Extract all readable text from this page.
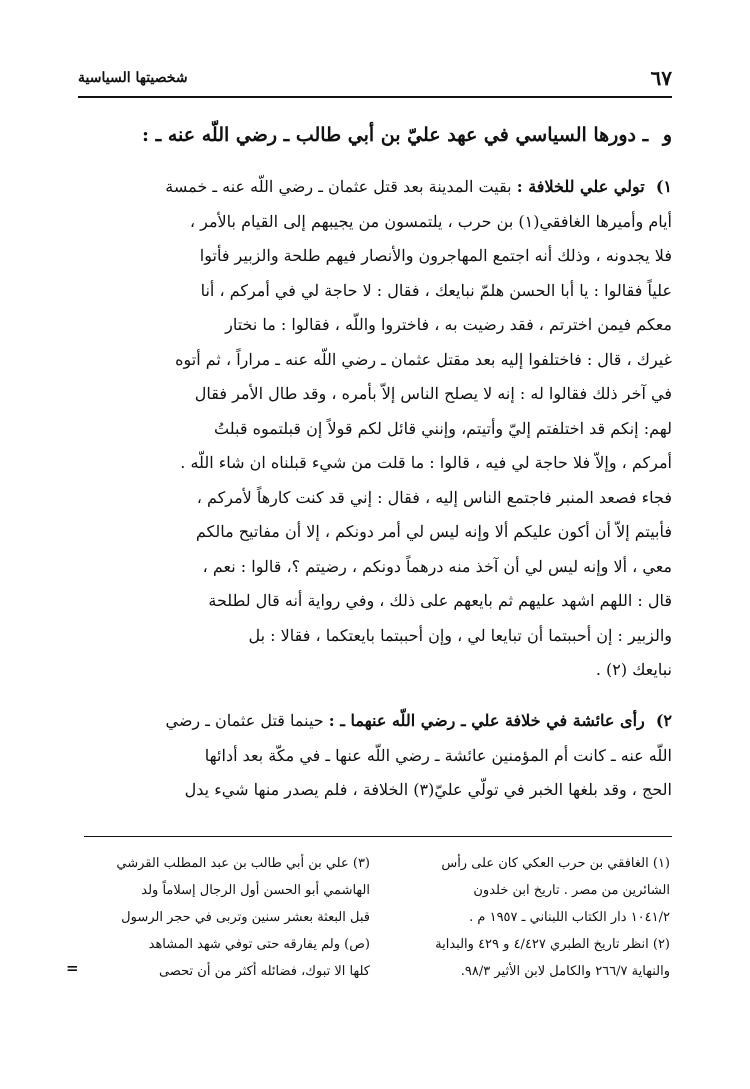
٦٧
شخصيتها السياسية
و ـ دورها السياسي في عهد عليّ بن أبي طالب ـ رضي اللّه عنه ـ :
١) تولي علي للخلافة : بقيت المدينة بعد قتل عثمان ـ رضي اللّه عنه ـ خمسة
أيام وأميرها الغافقي(١) بن حرب ، يلتمسون من يجيبهم إلى القيام بالأمر ،
فلا يجدونه ، وذلك أنه اجتمع المهاجرون والأنصار فيهم طلحة والزبير فأتوا
علياً فقالوا : يا أبا الحسن هلمّ نبايعك ، فقال : لا حاجة لي في أمركم ، أنا
معكم فيمن اخترتم ، فقد رضيت به ، فاختروا واللّه ، فقالوا : ما نختار
غيرك ، قال : فاختلفوا إليه بعد مقتل عثمان ـ رضي اللّه عنه ـ مراراً ، ثم أتوه
في آخر ذلك فقالوا له : إنه لا يصلح الناس إلاّ بأمره ، وقد طال الأمر فقال
لهم: إنكم قد اختلفتم إليّ وأتيتم، وإنني قائل لكم قولاً إن قبلتموه قبلتُ
أمركم ، وإلاّ فلا حاجة لي فيه ، قالوا : ما قلت من شيء قبلناه ان شاء اللّه .
فجاء فصعد المنبر فاجتمع الناس إليه ، فقال : إني قد كنت كارهاً لأمركم ،
فأبيتم إلاّ أن أكون عليكم ألا وإنه ليس لي أمر دونكم ، إلا أن مفاتيح مالكم
معي ، ألا وإنه ليس لي أن آخذ منه درهماً دونكم ، رضيتم ؟، قالوا : نعم ،
قال : اللهم اشهد عليهم ثم بايعهم على ذلك ، وفي رواية أنه قال لطلحة
والزبير : إن أحببتما أن تبايعا لي ، وإن أحببتما بايعتكما ، فقالا : بل
نبايعك (٢) .
٢) رأى عائشة في خلافة علي ـ رضي اللّه عنهما ـ : حينما قتل عثمان ـ رضي
اللّه عنه ـ كانت أم المؤمنين عائشة ـ رضي اللّه عنها ـ في مكّة بعد أدائها
الحج ، وقد بلغها الخبر في تولّي عليّ(٣) الخلافة ، فلم يصدر منها شيء يدل
(١) الغافقي بن حرب العكي كان على رأس
الشائرين من مصر . تاريخ ابن خلدون
١٠٤١/٢ دار الكتاب اللبناني ـ ١٩٥٧ م .
(٢) انظر تاريخ الطبري ٤/٤٢٧ و ٤٢٩ والبداية
والنهاية ٢٦٦/٧ والكامل لابن الأثير ٩٨/٣.
(٣) علي بن أبي طالب بن عبد المطلب القرشي
الهاشمي أبو الحسن أول الرجال إسلاماً ولد
قبل البعثة بعشر سنين وتربى في حجر الرسول
(ص) ولم يفارقه حتى توفي شهد المشاهد
كلها الا تبوك، فضائله أكثر من أن تحصى
=
